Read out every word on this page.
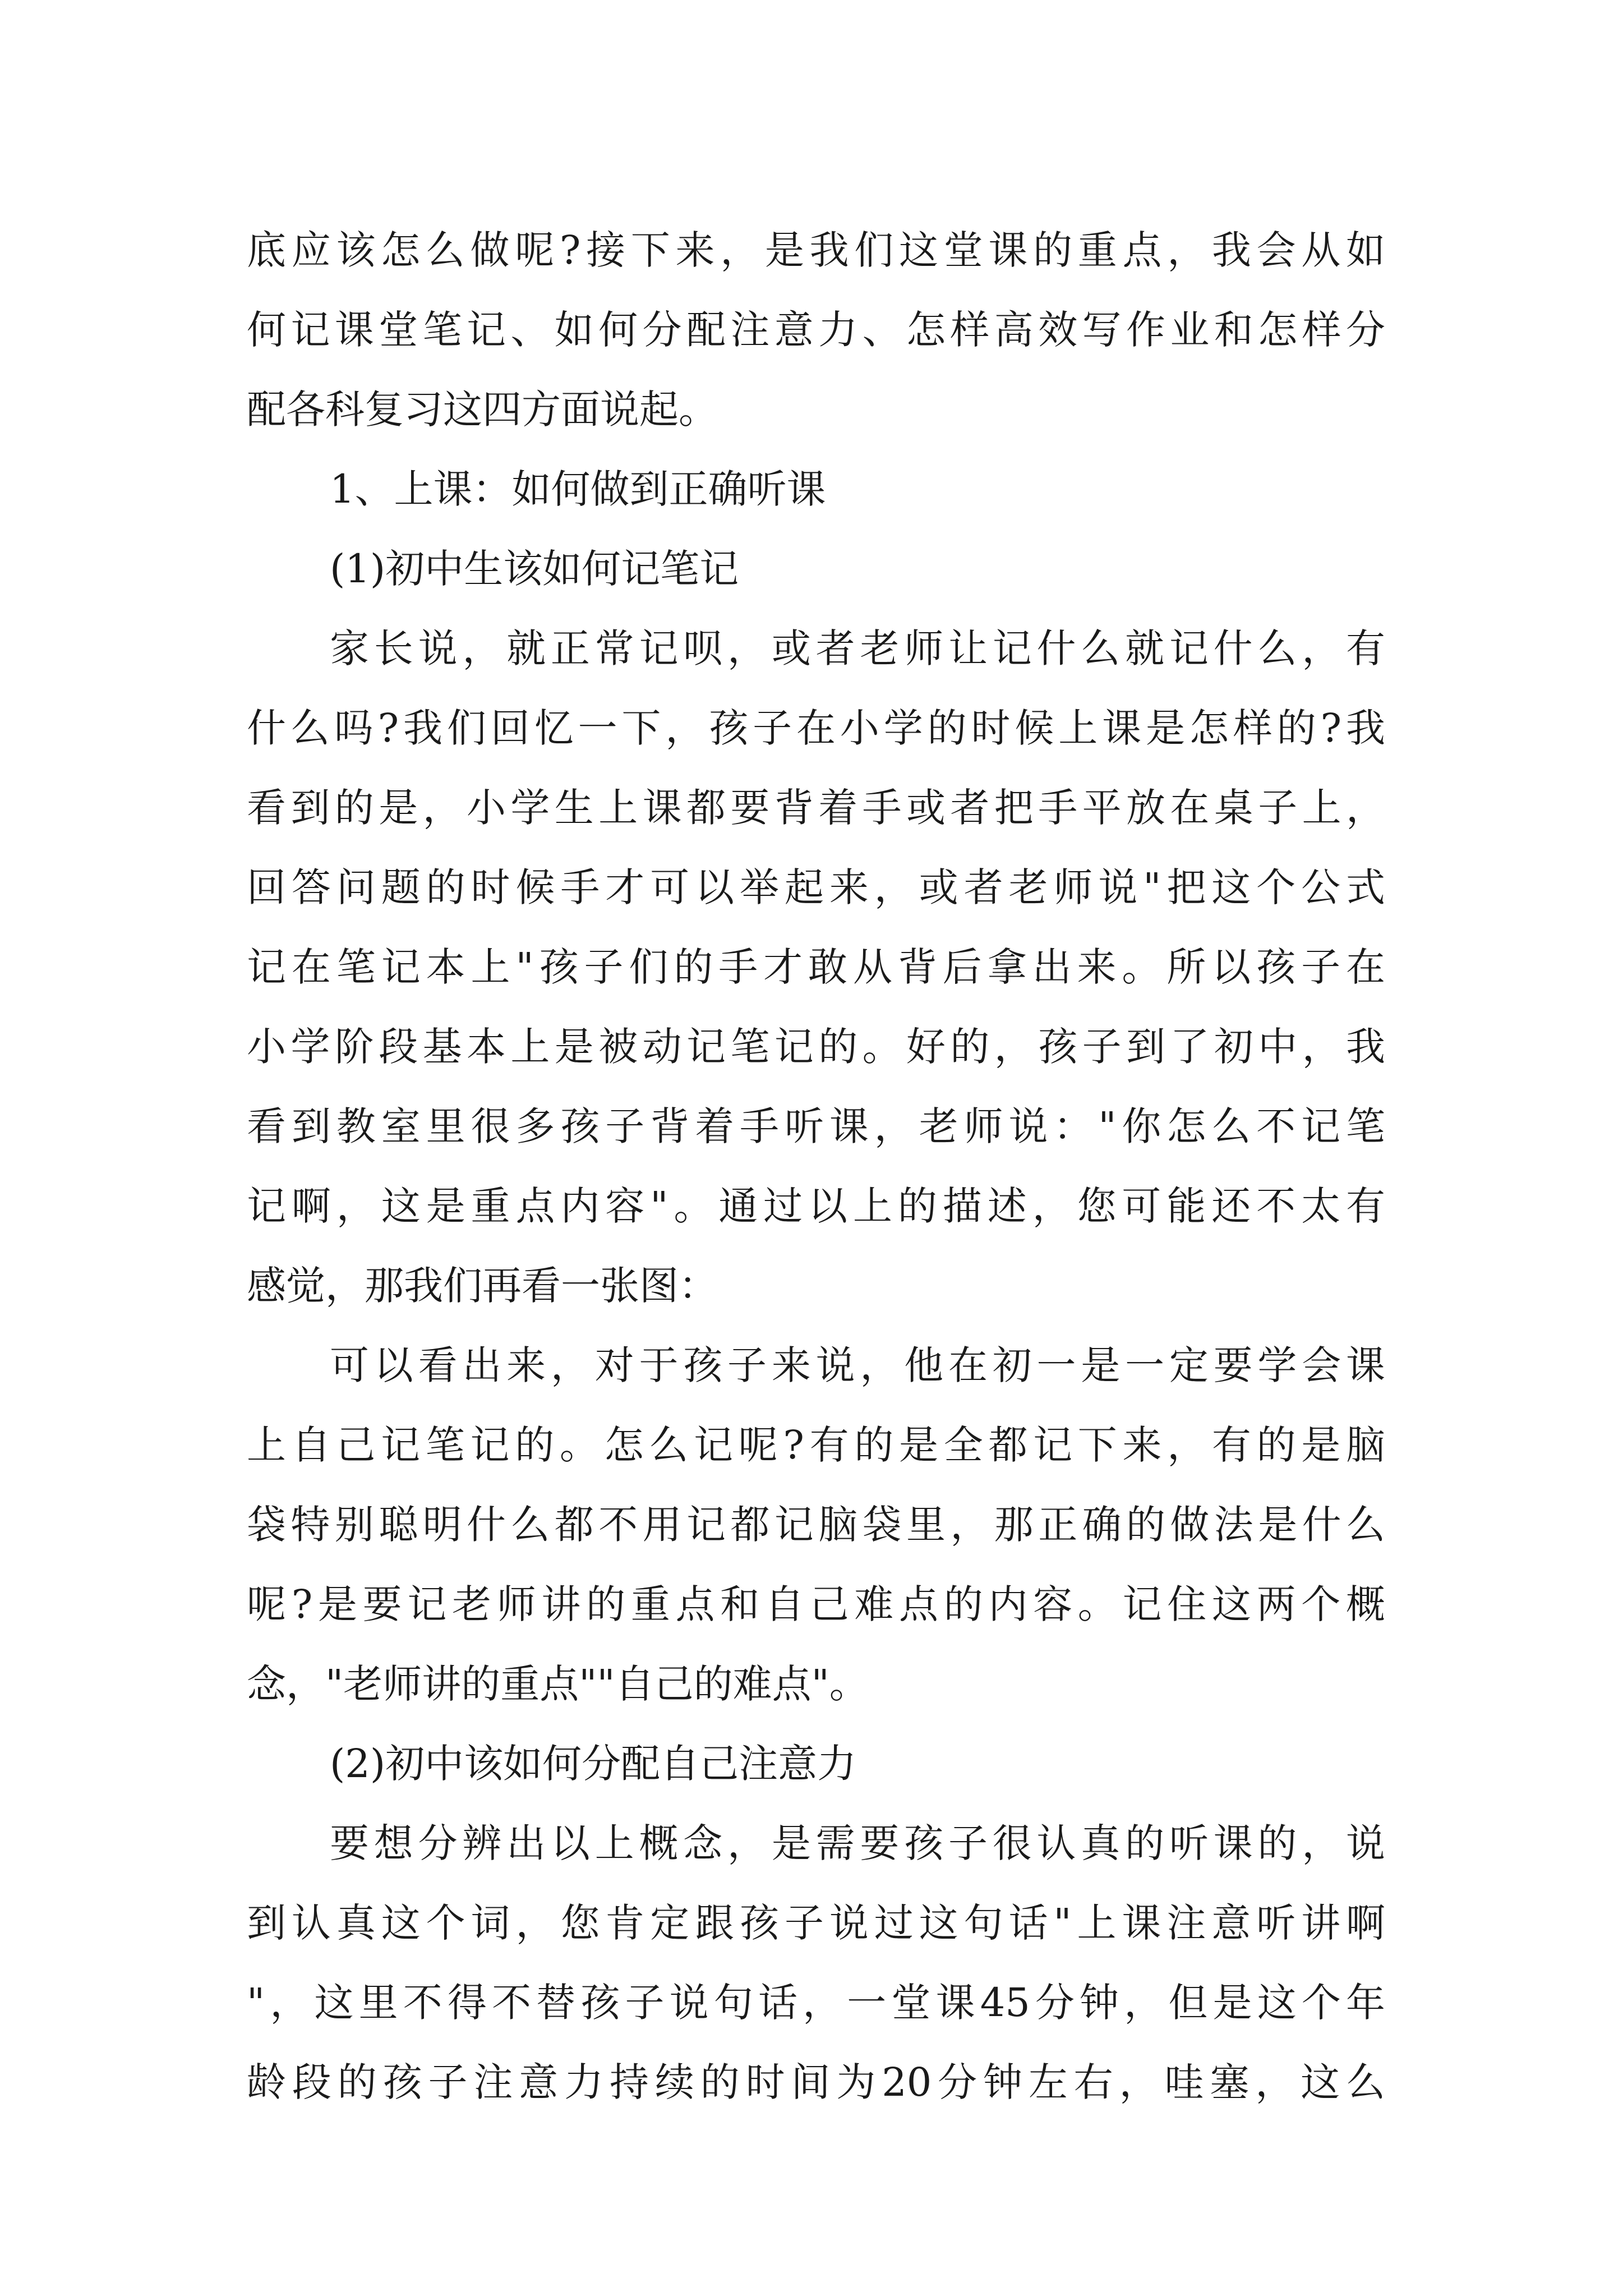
底应该怎么做呢?接下来，是我们这堂课的重点，我会从如
何记课堂笔记、如何分配注意力、怎样高效写作业和怎样分
配各科复习这四方面说起。
1、上课：如何做到正确听课
(1)初中生该如何记笔记
家长说，就正常记呗，或者老师让记什么就记什么，有
什么吗?我们回忆一下，孩子在小学的时候上课是怎样的?我
看到的是，小学生上课都要背着手或者把手平放在桌子上，
回答问题的时候手才可以举起来，或者老师说"把这个公式
记在笔记本上"孩子们的手才敢从背后拿出来。所以孩子在
小学阶段基本上是被动记笔记的。好的，孩子到了初中，我
看到教室里很多孩子背着手听课，老师说："你怎么不记笔
记啊，这是重点内容"。通过以上的描述，您可能还不太有
感觉，那我们再看一张图：
可以看出来，对于孩子来说，他在初一是一定要学会课
上自己记笔记的。怎么记呢?有的是全都记下来，有的是脑
袋特别聪明什么都不用记都记脑袋里，那正确的做法是什么
呢?是要记老师讲的重点和自己难点的内容。记住这两个概
念，"老师讲的重点""自己的难点"。
(2)初中该如何分配自己注意力
要想分辨出以上概念，是需要孩子很认真的听课的，说
到认真这个词，您肯定跟孩子说过这句话"上课注意听讲啊
"，这里不得不替孩子说句话，一堂课45分钟，但是这个年
龄段的孩子注意力持续的时间为20分钟左右，哇塞，这么
